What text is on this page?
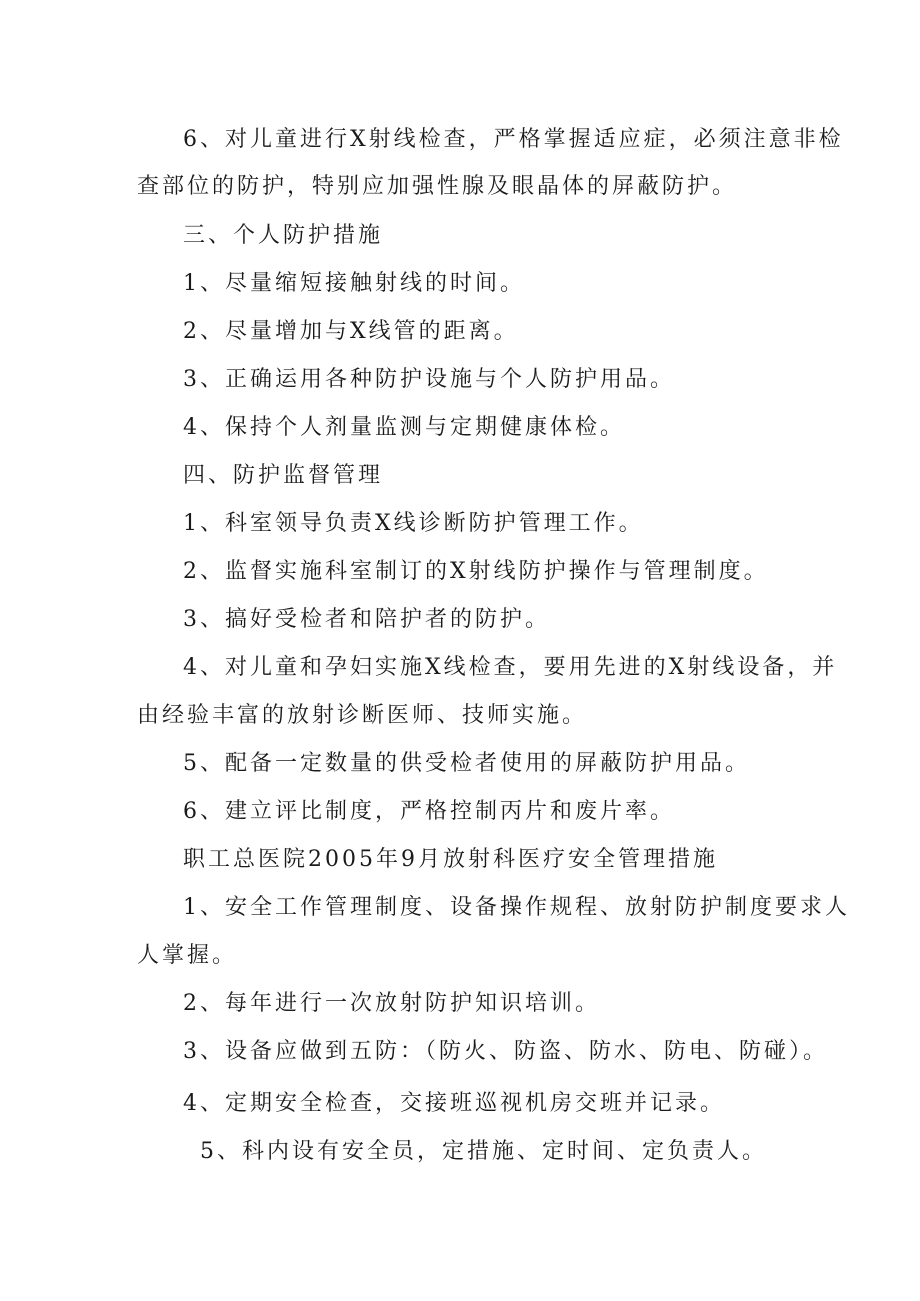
6、对儿童进行X射线检查，严格掌握适应症，必须注意非检
查部位的防护，特别应加强性腺及眼晶体的屏蔽防护。
三、个人防护措施
1、尽量缩短接触射线的时间。
2、尽量增加与X线管的距离。
3、正确运用各种防护设施与个人防护用品。
4、保持个人剂量监测与定期健康体检。
四、防护监督管理
1、科室领导负责X线诊断防护管理工作。
2、监督实施科室制订的X射线防护操作与管理制度。
3、搞好受检者和陪护者的防护。
4、对儿童和孕妇实施X线检查，要用先进的X射线设备，并
由经验丰富的放射诊断医师、技师实施。
5、配备一定数量的供受检者使用的屏蔽防护用品。
6、建立评比制度，严格控制丙片和废片率。
职工总医院2005年9月放射科医疗安全管理措施
1、安全工作管理制度、设备操作规程、放射防护制度要求人
人掌握。
2、每年进行一次放射防护知识培训。
3、设备应做到五防：（防火、防盗、防水、防电、防碰）。
4、定期安全检查，交接班巡视机房交班并记录。
5、科内设有安全员，定措施、定时间、定负责人。
